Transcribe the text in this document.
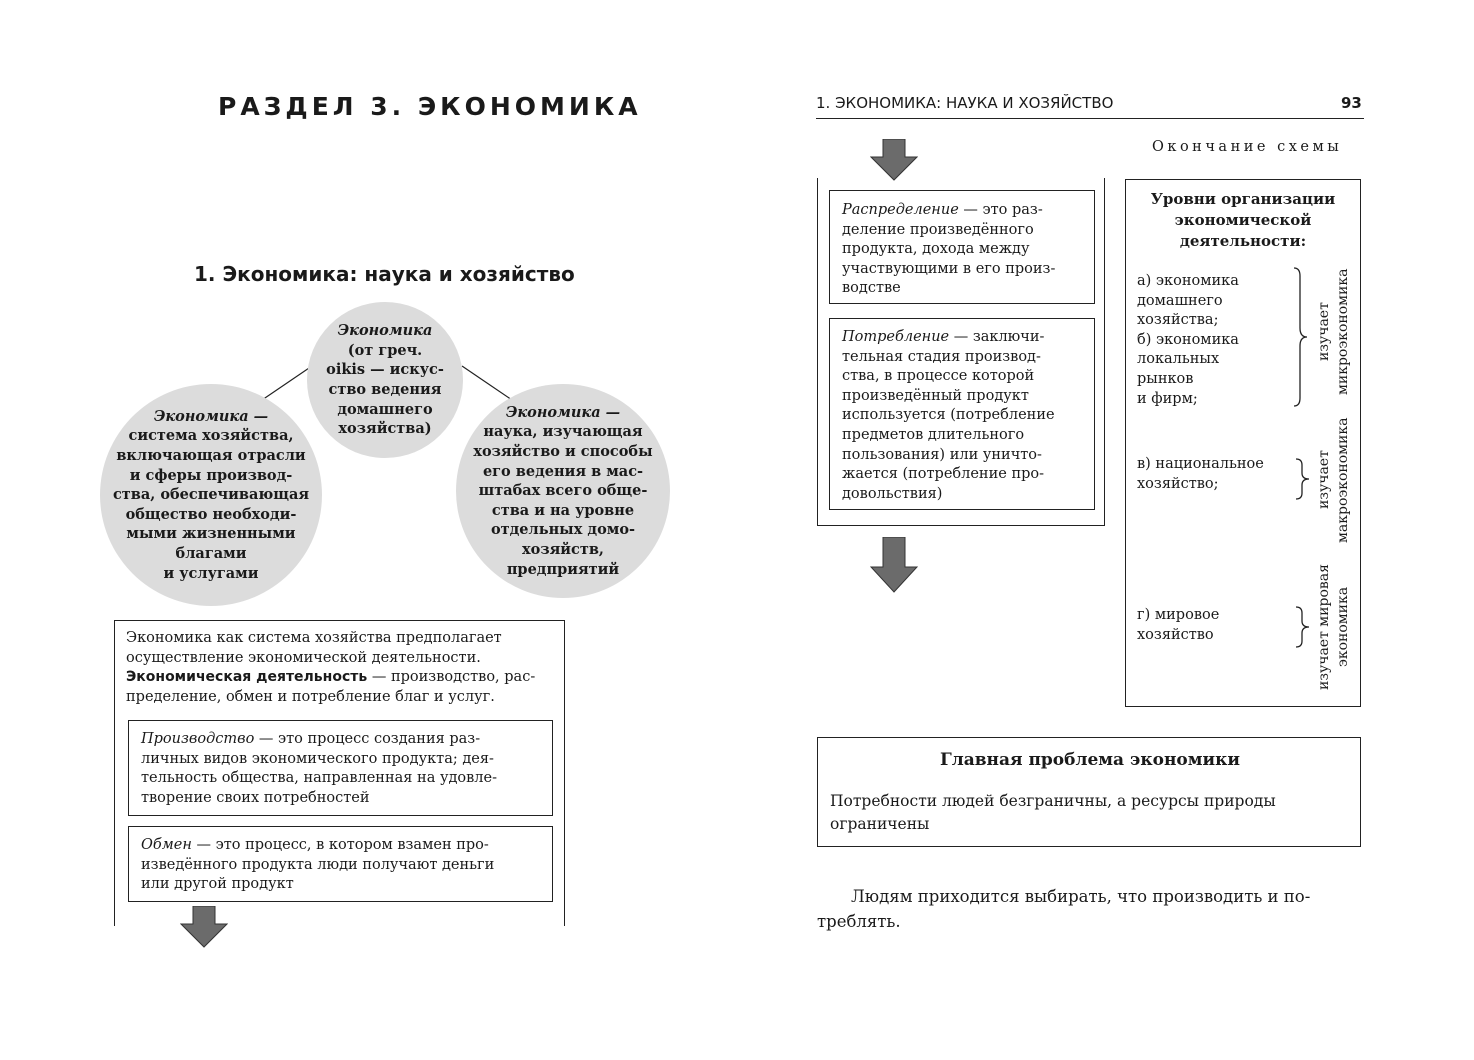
РАЗДЕЛ 3. ЭКОНОМИКА
1. Экономика: наука и хозяйство
Экономика
(от греч.
oikis — искус-
ство ведения
домашнего
хозяйства)
Экономика —
система хозяйства,
включающая отрасли
и сферы производ-
ства, обеспечивающая
общество необходи-
мыми жизненными
благами
и услугами
Экономика —
наука, изучающая
хозяйство и способы
его ведения в мас-
штабах всего обще-
ства и на уровне
отдельных домо-
хозяйств,
предприятий
Экономика как система хозяйства предполагает
осуществление экономической деятельности.
Экономическая деятельность — производство, рас-
пределение, обмен и потребление благ и услуг.
Производство — это процесс создания раз-
личных видов экономического продукта; дея-
тельность общества, направленная на удовле-
творение своих потребностей
Обмен — это процесс, в котором взамен про-
изведённого продукта люди получают деньги
или другой продукт
1. ЭКОНОМИКА: НАУКА И ХОЗЯЙСТВО	93
Окончание схемы
Распределение — это раз-
деление произведённого
продукта, дохода между
участвующими в его произ-
водстве
Потребление — заключи-
тельная стадия производ-
ства, в процессе которой
произведённый продукт
используется (потребление
предметов длительного
пользования) или уничто-
жается (потребление про-
довольствия)
Уровни организации
экономической
деятельности:
а) экономика
домашнего
хозяйства;
б) экономика
локальных
рынков
и фирм;
в) национальное
хозяйство;
г) мировое
хозяйство
изучает микроэкономика
изучает макроэкономика
изучает мировая экономика
Главная проблема экономики
Потребности людей безграничны, а ресурсы природы
ограничены
Людям приходится выбирать, что производить и по-
треблять.
